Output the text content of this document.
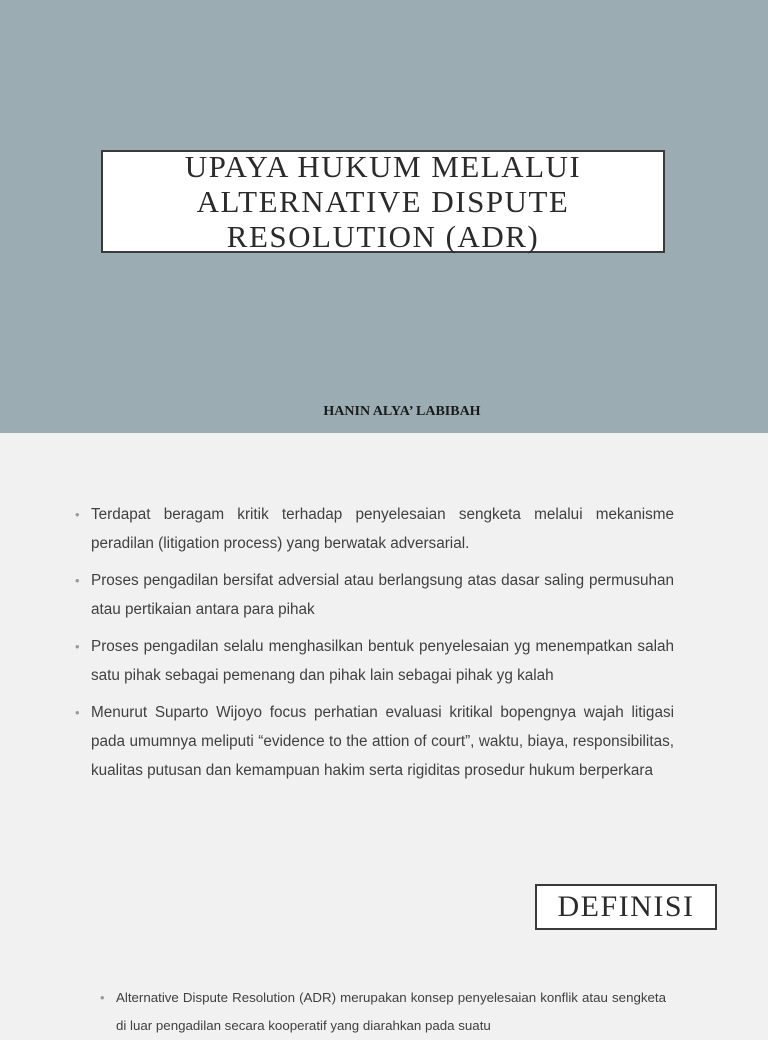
UPAYA HUKUM MELALUI
ALTERNATIVE DISPUTE
RESOLUTION (ADR)
HANIN ALYA’ LABIBAH
• Terdapat beragam kritik terhadap penyelesaian sengketa melalui mekanisme peradilan (litigation process) yang berwatak adversarial.
• Proses pengadilan bersifat adversial atau berlangsung atas dasar saling permusuhan atau pertikaian antara para pihak
• Proses pengadilan selalu menghasilkan bentuk penyelesaian yg menempatkan salah satu pihak sebagai pemenang dan pihak lain sebagai pihak yg kalah
• Menurut Suparto Wijoyo focus perhatian evaluasi kritikal bopengnya wajah litigasi pada umumnya meliputi “evidence to the attion of court”, waktu, biaya, responsibilitas, kualitas putusan dan kemampuan hakim serta rigiditas prosedur hukum berperkara
DEFINISI
• Alternative Dispute Resolution (ADR) merupakan konsep penyelesaian konflik atau sengketa di luar pengadilan secara kooperatif yang diarahkan pada suatu
